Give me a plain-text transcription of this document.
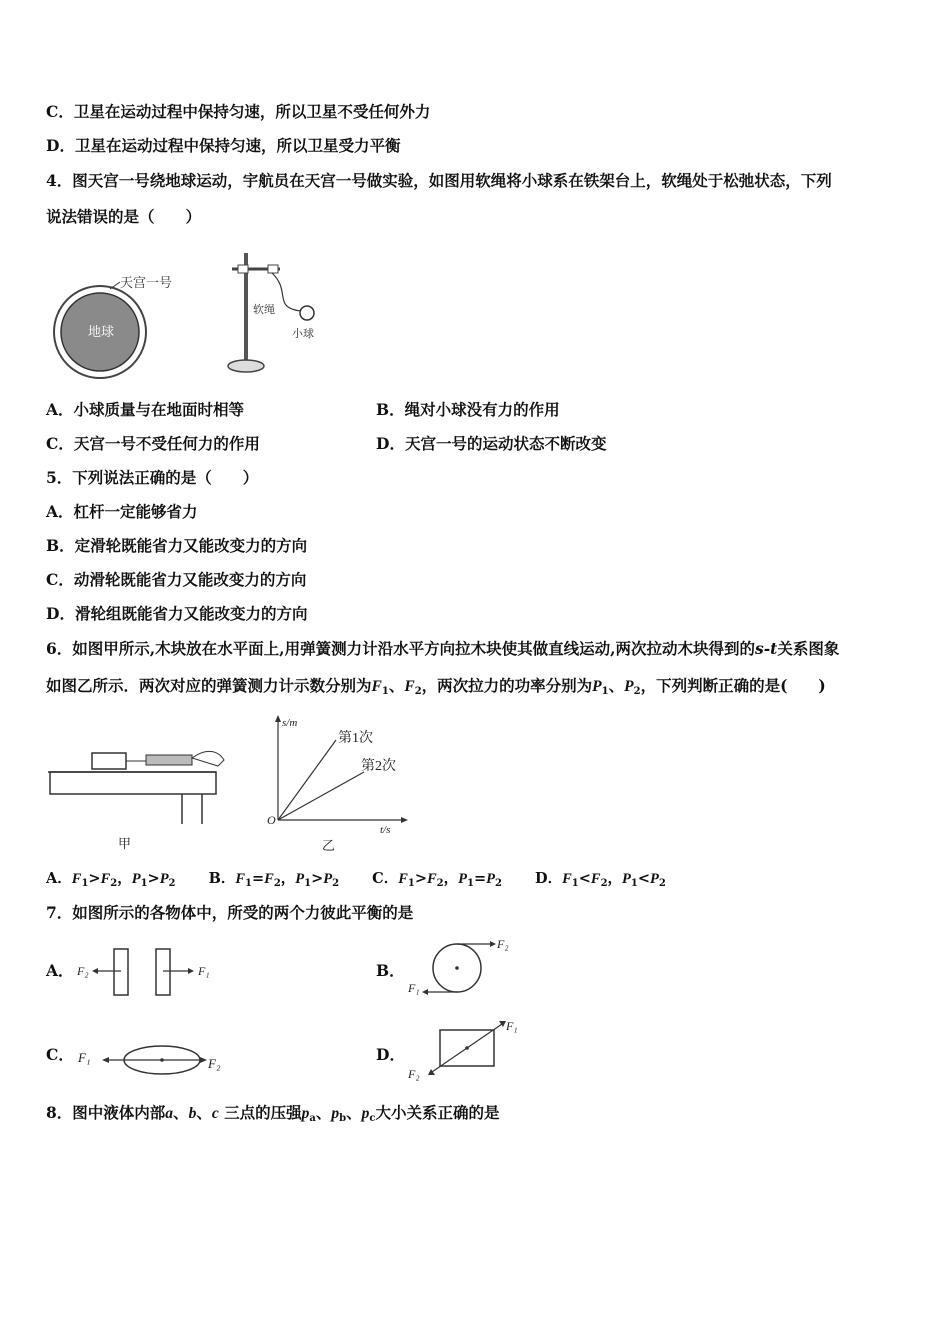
C．卫星在运动过程中保持匀速，所以卫星不受任何外力
D．卫星在运动过程中保持匀速，所以卫星受力平衡
4．图天宫一号绕地球运动，宇航员在天宫一号做实验，如图用软绳将小球系在铁架台上，软绳处于松弛状态，下列
说法错误的是（　　）
地球
天宫一号
软绳
小球
A．小球质量与在地面时相等	B．绳对小球没有力的作用
C．天宫一号不受任何力的作用	D．天宫一号的运动状态不断改变
5．下列说法正确的是（　　）
A．杠杆一定能够省力
B．定滑轮既能省力又能改变力的方向
C．动滑轮既能省力又能改变力的方向
D．滑轮组既能省力又能改变力的方向
6．如图甲所示,木块放在水平面上,用弹簧测力计沿水平方向拉木块使其做直线运动,两次拉动木块得到的s-t关系图象
如图乙所示．两次对应的弹簧测力计示数分别为$F_1$、$F_2$，两次拉力的功率分别为$P_1$、$P_2$，下列判断正确的是(　　)
甲
s/m
t/s
O
第1次
第2次
乙
A．$F_1>F_2$，$P_1>P_2$ B．$F_1=F_2$，$P_1>P_2$ C．$F_1>F_2$，$P_1=P_2$ D．$F_1<F_2$，$P_1<P_2$
7．如图所示的各物体中，所受的两个力彼此平衡的是
A． F₂	F₁	B．
F₂
F₁
C． F₁	F₂	D．
F₁
F₂
8．图中液体内部a、b、c 三点的压强$p_a$、$p_b$、$p_c$大小关系正确的是
